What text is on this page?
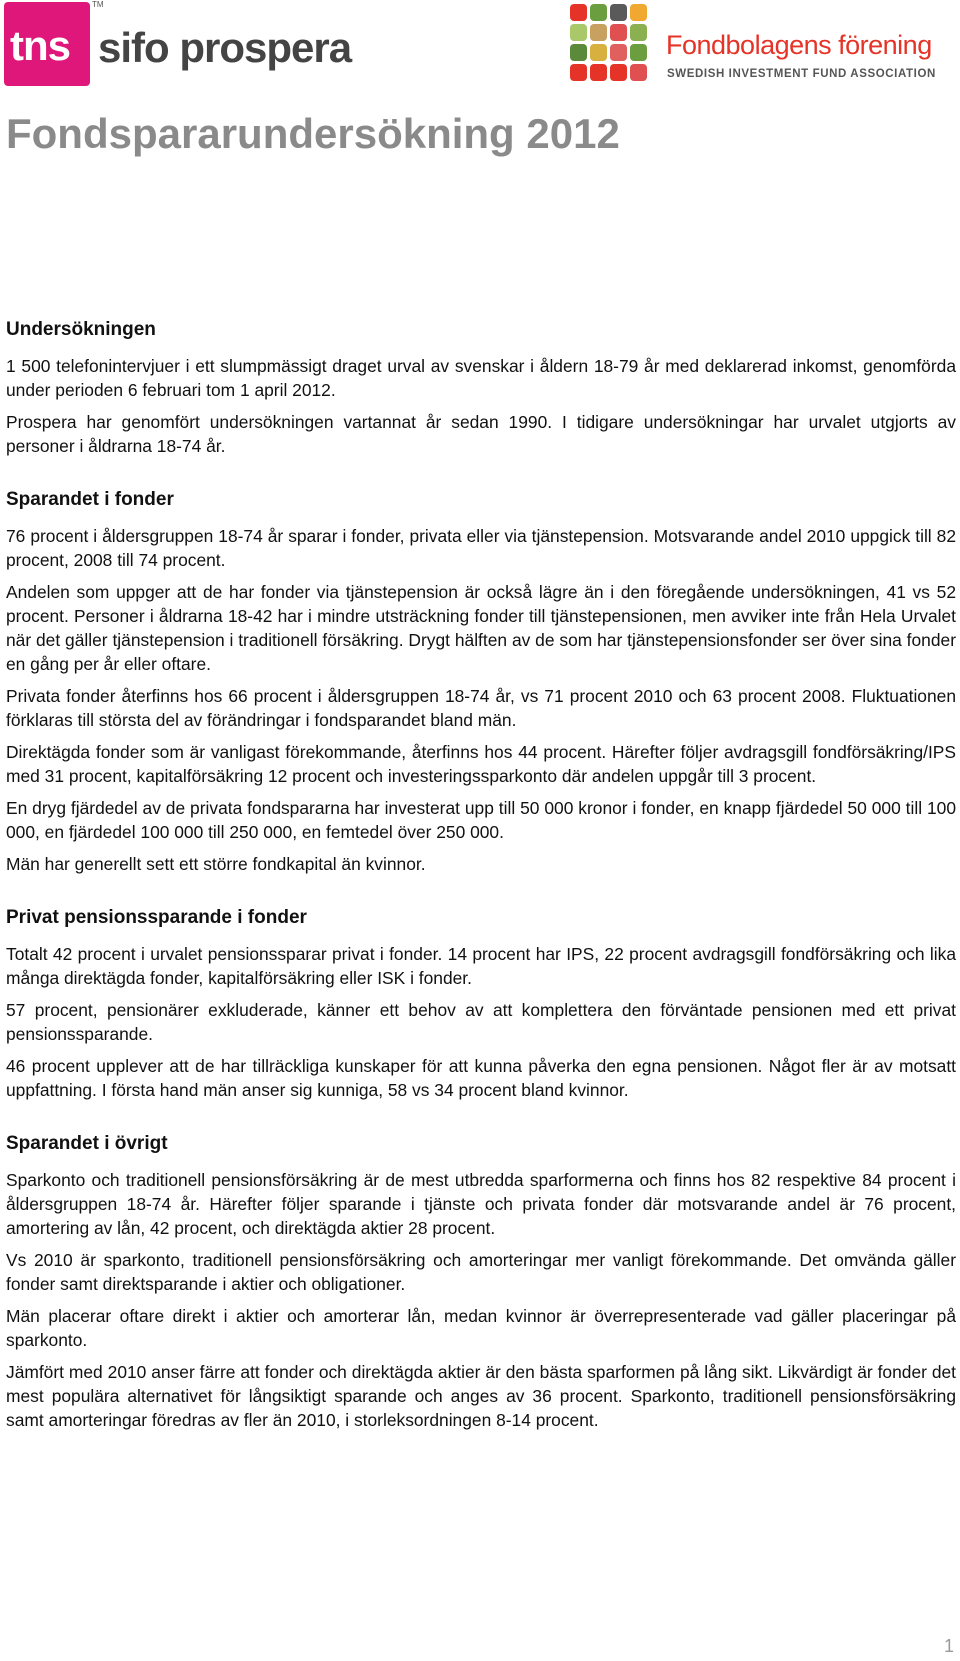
tns
TM
sifo prospera	Fondbolagens förening
SWEDISH INVESTMENT FUND ASSOCIATION
Fondspararundersökning 2012
Undersökningen

1 500 telefonintervjuer i ett slumpmässigt draget urval av svenskar i åldern 18-79 år med deklarerad inkomst, genomförda under perioden 6 februari tom 1 april 2012.

Prospera har genomfört undersökningen vartannat år sedan 1990. I tidigare undersökningar har urvalet utgjorts av personer i åldrarna 18-74 år.

Sparandet i fonder

76 procent i åldersgruppen 18-74 år sparar i fonder, privata eller via tjänstepension. Motsvarande andel 2010 uppgick till 82 procent, 2008 till 74 procent.

Andelen som uppger att de har fonder via tjänstepension är också lägre än i den föregående undersökningen, 41 vs 52 procent. Personer i åldrarna 18-42 har i mindre utsträckning fonder till tjänstepensionen, men avviker inte från Hela Urvalet när det gäller tjänstepension i traditionell försäkring. Drygt hälften av de som har tjänstepensionsfonder ser över sina fonder en gång per år eller oftare.

Privata fonder återfinns hos 66 procent i åldersgruppen 18-74 år, vs 71 procent 2010 och 63 procent 2008. Fluktuationen förklaras till största del av förändringar i fondsparandet bland män.

Direktägda fonder som är vanligast förekommande, återfinns hos 44 procent. Härefter följer avdragsgill fondförsäkring/IPS med 31 procent, kapitalförsäkring 12 procent och investeringssparkonto där andelen uppgår till 3 procent.

En dryg fjärdedel av de privata fondspararna har investerat upp till 50 000 kronor i fonder, en knapp fjärdedel 50 000 till 100 000, en fjärdedel 100 000 till 250 000, en femtedel över 250 000.

Män har generellt sett ett större fondkapital än kvinnor.

Privat pensionssparande i fonder

Totalt 42 procent i urvalet pensionssparar privat i fonder. 14 procent har IPS, 22 procent avdragsgill fondförsäkring och lika många direktägda fonder, kapitalförsäkring eller ISK i fonder.

57 procent, pensionärer exkluderade, känner ett behov av att komplettera den förväntade pensionen med ett privat pensionssparande.

46 procent upplever att de har tillräckliga kunskaper för att kunna påverka den egna pensionen. Något fler är av motsatt uppfattning. I första hand män anser sig kunniga, 58 vs 34 procent bland kvinnor.

Sparandet i övrigt

Sparkonto och traditionell pensionsförsäkring är de mest utbredda sparformerna och finns hos 82 respektive 84 procent i åldersgruppen 18-74 år. Härefter följer sparande i tjänste och privata fonder där motsvarande andel är 76 procent, amortering av lån, 42 procent, och direktägda aktier 28 procent.

Vs 2010 är sparkonto, traditionell pensionsförsäkring och amorteringar mer vanligt förekommande. Det omvända gäller fonder samt direktsparande i aktier och obligationer.

Män placerar oftare direkt i aktier och amorterar lån, medan kvinnor är överrepresenterade vad gäller placeringar på sparkonto.

Jämfört med 2010 anser färre att fonder och direktägda aktier är den bästa sparformen på lång sikt. Likvärdigt är fonder det mest populära alternativet för långsiktigt sparande och anges av 36 procent. Sparkonto, traditionell pensionsförsäkring samt amorteringar föredras av fler än 2010, i storleksordningen 8-14 procent.

1
